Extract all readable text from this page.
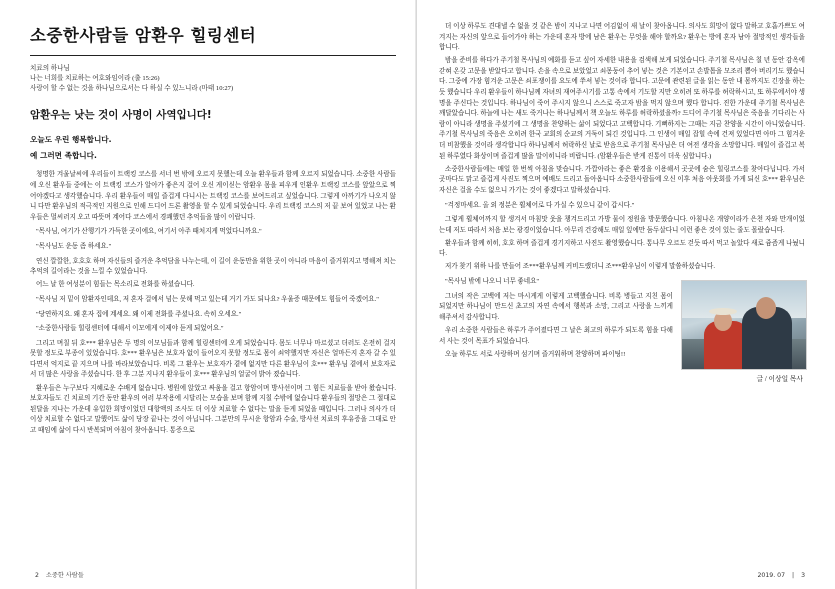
소중한사람들 암환우 힐링센터
치료의 하나님
나는 너희를 치료하는 여호와임이라 (출 15:26)
사랑이 할 수 없는 것을 하나님으로서는 다 하실 수 있느니라 (마태 10:27)
암환우는 낫는 것이 사명이 사역입니다!
오늘도 우린 행복합니다.
예 그러면 족합니다.

청명한 겨울날씨에 우리들이 트랙킹 코스를 서너 번 밖에 오르지 못했는데 오늘 환우들과 함께 오르지 되었습니다. 소중한 사람들에 오신 환우들 중에는 이 트랙킹 코스가 알아가 좋은지 걸어 오신 게이싣는 암환우 몸을 피우게 인환우 트랙킹 코스를 앞았으로 찍어야겠다고 생각했습니다. 우리 환우들이 매일 즐겁게 다니시는 트랙킹 코스를 보여드리고 싶었습니다. 그렇게 아까기가 나오지 않니 다만 환우님의 적극적인 지원으로 인해 드디어 드론 촬영을 할 수 있게 되었습니다. 우리 트랙킹 코스의 저 끝 보여 있었고 나는 환우들은 멀씨러지 오고 따뜻며 계어다 코스에서 경쾌했던 추억들을 많이 이랍니다.

"목사님, 여기가 산행기가 가득한 곳이에요, 여기서 아주 때처지게 먹었다니까요."

"목사님도 운동 좀 하세요."

연신 깔깔한, 호호호 하며 자신들의 즐거운 추억담을 나누는데, 이 길이 운동만을 위한 곳이 아니라 마음이 즐거워지고 명해져 치는 추억의 길이라는 것을 느낄 수 있었습니다.

어느 날 한 여성분이 힘들는 목소리로 전화를 하셨습니다.

"목사님 저 밑이 암환자인데요, 저 혼자 걸에서 넘는 못해 먹고 있는데 거기 가도 되나요? 우울증 때문에도 힘들어 죽겠어요."

"당연하지요. 왜 혼자 집에 계세요. 왜 이제 전화를 주셨나요. 속히 오세요."

"소중한사람들 힐링센터에 대해서 이모에게 이제야 듣게 되었어요."

그리고 며칠 뒤 호*** 환우님은 두 명의 이모님들과 함께 힐링센터에 오게 되었습니다. 몸도 너무나 마르셨고 더러도 온전히 걸지 못할 정도로 부종이 있었습니다. 호*** 환우님은 보호자 없이 들어오지 못할 정도로 몸이 쇠약했지만 자신은 얼마든지 혼자 갈 수 있다면서 억지로 끝 지으며 나를 바라보았습니다. 비록 그 환우는 보호자가 곁에 없지만 다른 환우님이 호*** 환우님 곁에서 보호자로서 더 많은 사랑을 주셨습니다. 한 후 그분 지나지 환우들이 호*** 환우님의 얼굴이 밝아 졌습니다.

환우들은 누구보다 지혜로운 수배게 없습니다. 병원에 앉았고 싸움을 걸고 항암이며 방사선이며 그 힘든 치료들을 받아 왔습니다. 보호자들도 긴 치료의 기간 동안 환우의 여러 부작용에 시달리는 모습을 보며 함께 지칠 수밖에 없습니다 환우들의 절망은 그 절대로 된달을 지나는 가운데 유입한 희망이었던 대항액의 조사도 더 이상 치료할 수 없다는 말을 듣게 되었을 때입니다. 그러나 의사가 더 이상 치료할 수 없다고 말했어도 삶이 당장 끝나는 것이 아닙니다. 그분만의 무시운 항암과 수술, 방사선 치료의 후유증을 그대로 안고 때임에 삶이 다시 반복되며 아침이 찾아옵니다. 통증으로

2 소중한 사람들

더 이상 하루도 견대낼 수 없을 것 같은 밤이 지나고 나면 어김없이 새 날이 찾아옵니다. 의사도 희망이 없다 말하고 호흡가쁘도 여겨지는 자신의 앞으로 들어가야 하는 가운데 혼자 방에 남은 환우는 무엇을 해야 할까요? 환우는 방에 혼자 남아 절망적인 생각들을 합니다.

밤을 준비를 하다가 주기철 목사님의 예화를 듣고 싶어 자세한 내용을 검색해 보게 되었습니다. 주기철 목사님은 칠 년 동안 감옥에 갇혀 온갖 고문을 받았다고 합니다. 손을 속으로 보았었고 쇠몽둥이 추어 넣는 것은 기본이고 손발톱을 모조리 뽑아 버리기도 했습니다. 그중에 가장 힘겨운 고문은 쇠포쟁이를 요도에 쑤셔 넣는 것이라 합니다. 고문에 관련된 글을 읽는 동안 내 몸까지도 긴장을 하는 듯 했습니다 우리 환우들이 하나님께 자녀의 재여주시기를 고통 속에서 기도할 지만 오히려 또 하루를 허락하시고, 또 하루에서야 생명을 주신다는 것입니다. 하나님이 죽어 주시지 않으니 스스로 죽고자 밤을 먹지 않으며 했다 합니다. 진한 가운데 주기철 목사님은 깨달았습니다. 하늘에 나는 새도 죽거나는 하나님께서 책 오늘도 하루를 허락하셨을까? 드디어 주기철 목사님은 죽음을 기다리는 사람이 아니라 생명을 주셨기에 그 생명을 찬양하는 삶이 되었다고 고백합니다. 기뻐하지는 그때는 지금 찬양을 시간이 아니었습니다. 주기철 목사님의 죽음은 오히려 한국 교회의 순교의 거둑이 되긴 것입니다. 그 인생이 매일 잡힐 속에 건져 있었다면 아마 그 힘겨운 더 비참했을 것이라 생각합니다 하나님께서 허락하신 날로 받음으로 주기철 목사님은 더 여전 생각을 소망합니다. 매일이 즐겁고 복된 하루였다 화상이며 즐겁게 많을 말이히니라 비랍니다. (암환우들은 받게 진통이 더욱 심합니다.)

소중한사람들에는 매일 한 번씩 아침을 맞습니다. 가깝아라는 좋은 환경을 이용해서 곳곳에 숨은 힐링코스를 찾아다닙니다. 가서 곳마다도 맑고 즐겁게 사진도 찍으며 예배도 드리고 돌아옵니다 소중한사람들에 오신 이후 처음 아웃회를 가게 되신 호*** 환우님은 자신은 걸을 수도 없으니 가기는 것이 좋겠다고 말하셨습니다.

"걱정마세요. 올 외 정분은 휠체어로 다 가실 수 있으니 같이 갑시다."

그렇게 휠체어까지 할 생겨서 마침맛 웃을 챙겨드리고 가방 물이 정원을 방문했습니다. 아침나온 개양이라가 은천 자와 만개이었는데 저도 따라서 처음 보는 광경이었습니다. 아무리 건강해도 매일 잎에만 둠두살다니 이런 좋은 것이 있는 줄도 몰랐습니다.

환우들과 함께 히히, 호호 하며 즐겁게 경기지하고 사진도 촬영했습니다. 통나무 오르도 걷듯 따서 먹고 놀았다 새로 쥼즘게 나눴니다.

저가 찾기 위하 나를 만들어 조***환우님께 커비드랬더니 조***환우님이 이렇게 말씀하셨습니다.

"목사님 밖에 나오니 너무 좋네요"

그녀의 작은 고백에 저는 마시게게 이렇게 고백했습니다. 비록 병들고 지친 몸이 되었지만 하나님이 만드신 초고의 자연 속에서 행복과 소망, 그리고 사랑을 느끼게 해주셔서 감사합니다.

우리 소중한 사람들은 하루가 주어졌다면 그 날은 최고의 하루가 되도록 힘을 다해서 사는 것이 목표가 되었습니다.

오늘 하루도 서로 사랑하며 섬기며 즐거워하며 찬양하며 파이팅!!

글 / 이상일 목사
2019. 07 | 3
